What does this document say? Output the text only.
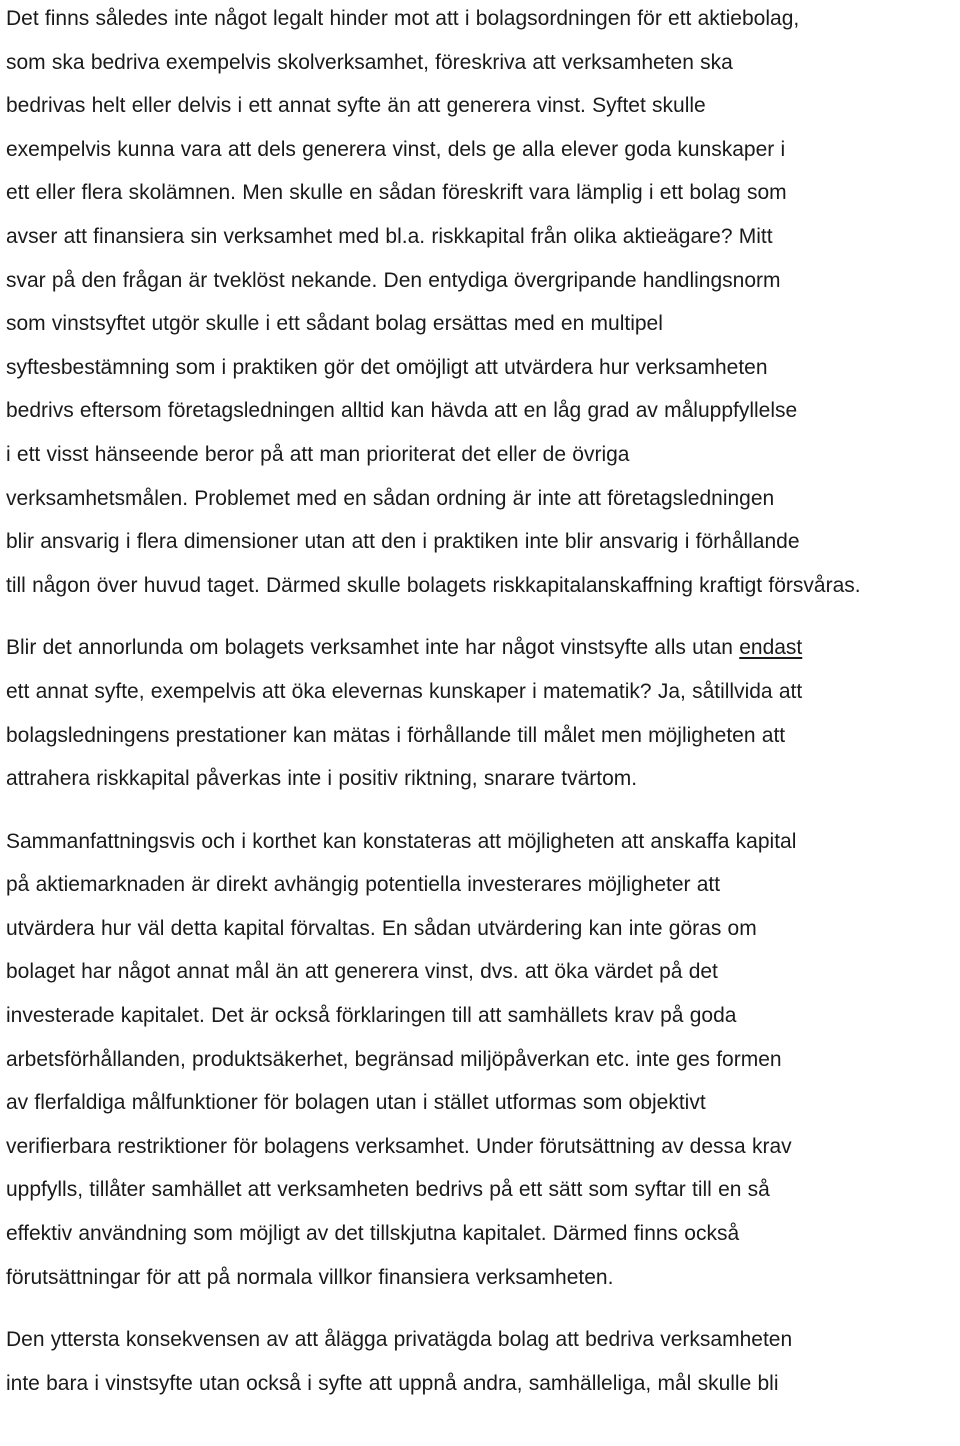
Det finns således inte något legalt hinder mot att i bolagsordningen för ett aktiebolag, som ska bedriva exempelvis skolverksamhet, föreskriva att verksamheten ska bedrivas helt eller delvis i ett annat syfte än att generera vinst. Syftet skulle exempelvis kunna vara att dels generera vinst, dels ge alla elever goda kunskaper i ett eller flera skolämnen. Men skulle en sådan föreskrift vara lämplig i ett bolag som avser att finansiera sin verksamhet med bl.a. riskkapital från olika aktieägare? Mitt svar på den frågan är tveklöst nekande. Den entydiga övergripande handlingsnorm som vinstsyftet utgör skulle i ett sådant bolag ersättas med en multipel syftesbestämning som i praktiken gör det omöjligt att utvärdera hur verksamheten bedrivs eftersom företagsledningen alltid kan hävda att en låg grad av måluppfyllelse i ett visst hänseende beror på att man prioriterat det eller de övriga verksamhetsmålen. Problemet med en sådan ordning är inte att företagsledningen blir ansvarig i flera dimensioner utan att den i praktiken inte blir ansvarig i förhållande till någon över huvud taget. Därmed skulle bolagets riskkapitalanskaffning kraftigt försvåras.
Blir det annorlunda om bolagets verksamhet inte har något vinstsyfte alls utan endast ett annat syfte, exempelvis att öka elevernas kunskaper i matematik? Ja, såtillvida att bolagsledningens prestationer kan mätas i förhållande till målet men möjligheten att attrahera riskkapital påverkas inte i positiv riktning, snarare tvärtom.
Sammanfattningsvis och i korthet kan konstateras att möjligheten att anskaffa kapital på aktiemarknaden är direkt avhängig potentiella investerares möjligheter att utvärdera hur väl detta kapital förvaltas. En sådan utvärdering kan inte göras om bolaget har något annat mål än att generera vinst, dvs. att öka värdet på det investerade kapitalet. Det är också förklaringen till att samhällets krav på goda arbetsförhållanden, produktsäkerhet, begränsad miljöpåverkan etc. inte ges formen av flerfaldiga målfunktioner för bolagen utan i stället utformas som objektivt verifierbara restriktioner för bolagens verksamhet. Under förutsättning av dessa krav uppfylls, tillåter samhället att verksamheten bedrivs på ett sätt som syftar till en så effektiv användning som möjligt av det tillskjutna kapitalet. Därmed finns också förutsättningar för att på normala villkor finansiera verksamheten.
Den yttersta konsekvensen av att ålägga privatägda bolag att bedriva verksamheten inte bara i vinstsyfte utan också i syfte att uppnå andra, samhälleliga, mål skulle bli
